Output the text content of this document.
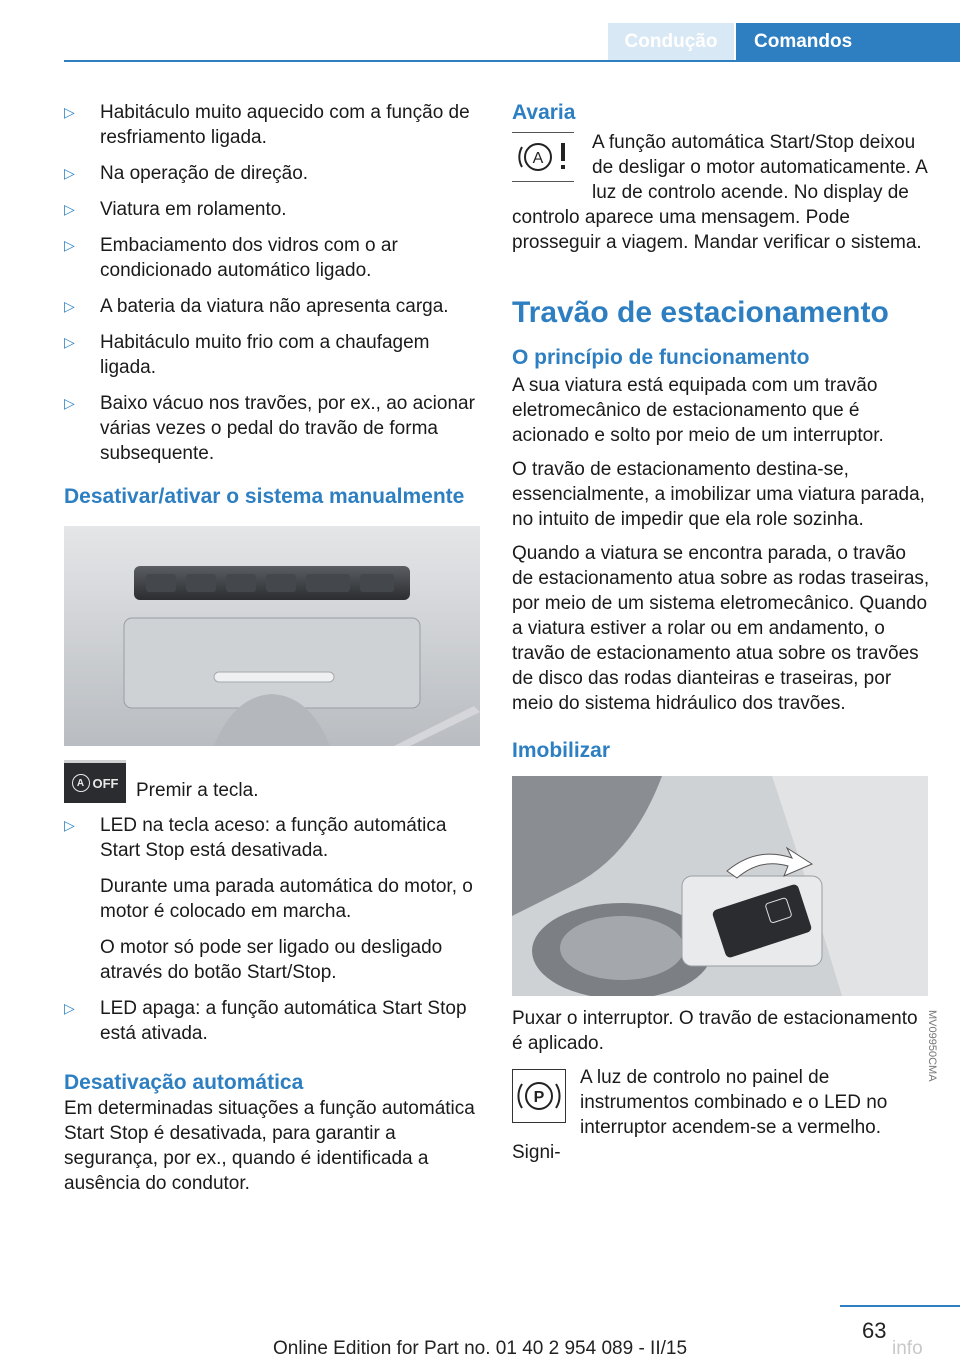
Condução	Comandos
▷	Habitáculo muito aquecido com a função de resfriamento ligada.
▷	Na operação de direção.
▷	Viatura em rolamento.
▷	Embaciamento dos vidros com o ar condicionado automático ligado.
▷	A bateria da viatura não apresenta carga.
▷	Habitáculo muito frio com a chaufagem ligada.
▷	Baixo vácuo nos travões, por ex., ao acionar várias vezes o pedal do travão de forma subsequente.
Desativar/ativar o sistema manualmente
A OFF Premir a tecla.
▷	LED na tecla aceso: a função automática Start Stop está desativada.
Durante uma parada automática do motor, o motor é colocado em marcha.
O motor só pode ser ligado ou desligado através do botão Start/Stop.
▷	LED apaga: a função automática Start Stop está ativada.
Desativação automática

Em determinadas situações a função automática Start Stop é desativada, para garantir a segurança, por ex., quando é identificada a ausência do condutor.

Avaria
A

A função automática Start/Stop deixou de desligar o motor automaticamente. A luz de controlo acende. No display de controlo aparece uma mensagem. Pode prosseguir a viagem. Mandar verificar o sistema.

Travão de estacionamento
O princípio de funcionamento

A sua viatura está equipada com um travão eletromecânico de estacionamento que é acionado e solto por meio de um interruptor.

O travão de estacionamento destina-se, essencialmente, a imobilizar uma viatura parada, no intuito de impedir que ela role sozinha.

Quando a viatura se encontra parada, o travão de estacionamento atua sobre as rodas traseiras, por meio de um sistema eletromecânico. Quando a viatura estiver a rolar ou em andamento, o travão de estacionamento atua sobre os travões de disco das rodas dianteiras e traseiras, por meio do sistema hidráulico dos travões.

Imobilizar

Puxar o interruptor. O travão de estacionamento é aplicado.

P

A luz de controlo no painel de instrumentos combinado e o LED no interruptor acendem-se a vermelho. Signi-

MV09950CMA
63
Online Edition for Part no. 01 40 2 954 089 - II/15	info
